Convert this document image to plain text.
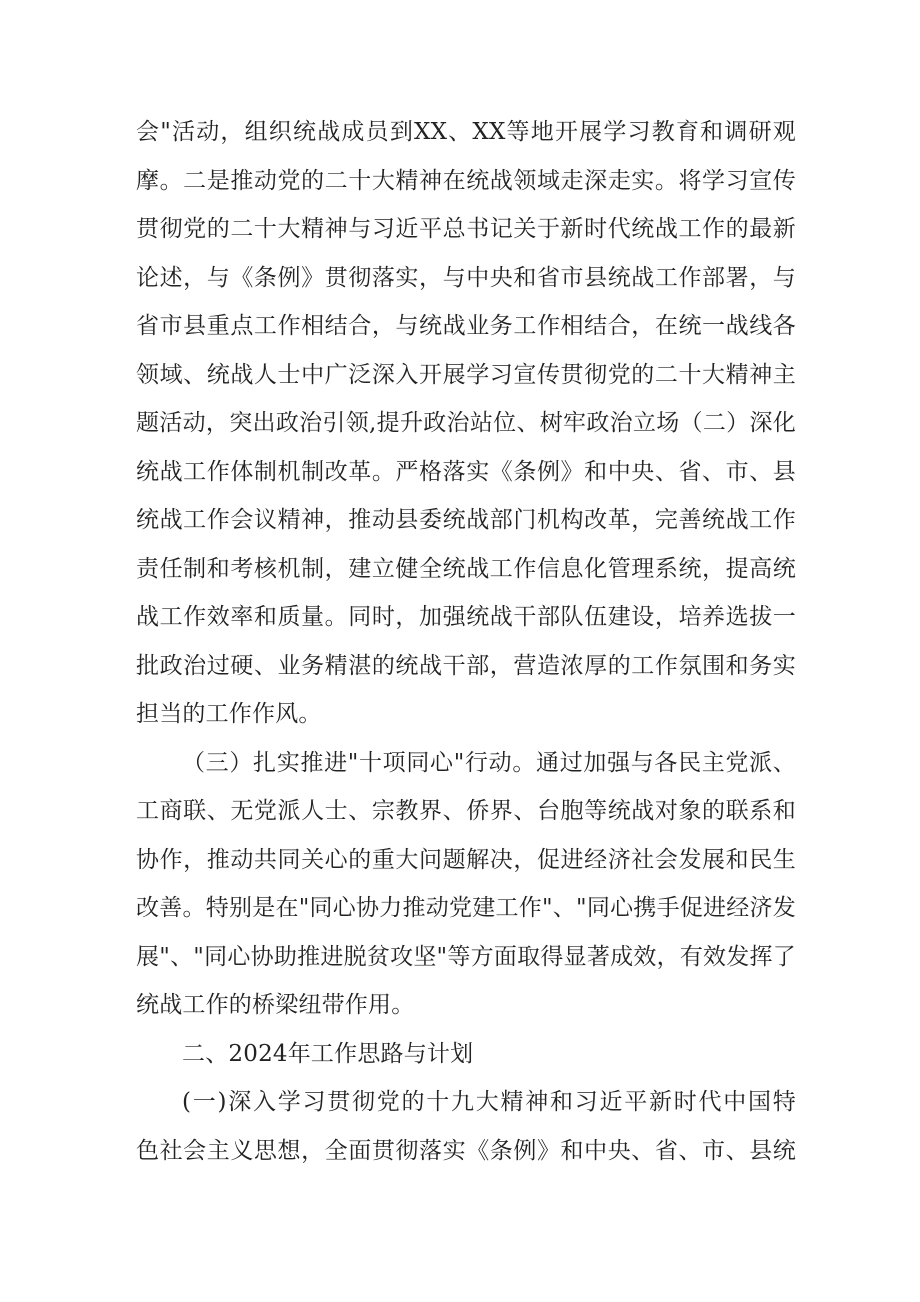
会"活动，组织统战成员到XX、XX等地开展学习教育和调研观
摩。二是推动党的二十大精神在统战领域走深走实。将学习宣传
贯彻党的二十大精神与习近平总书记关于新时代统战工作的最新
论述，与《条例》贯彻落实，与中央和省市县统战工作部署，与
省市县重点工作相结合，与统战业务工作相结合，在统一战线各
领域、统战人士中广泛深入开展学习宣传贯彻党的二十大精神主
题活动，突出政治引领,提升政治站位、树牢政治立场（二）深化
统战工作体制机制改革。严格落实《条例》和中央、省、市、县
统战工作会议精神，推动县委统战部门机构改革，完善统战工作
责任制和考核机制，建立健全统战工作信息化管理系统，提高统
战工作效率和质量。同时，加强统战干部队伍建设，培养选拔一
批政治过硬、业务精湛的统战干部，营造浓厚的工作氛围和务实
担当的工作作风。
（三）扎实推进"十项同心"行动。通过加强与各民主党派、
工商联、无党派人士、宗教界、侨界、台胞等统战对象的联系和
协作，推动共同关心的重大问题解决，促进经济社会发展和民生
改善。特别是在"同心协力推动党建工作"、"同心携手促进经济发
展"、"同心协助推进脱贫攻坚"等方面取得显著成效，有效发挥了
统战工作的桥梁纽带作用。
二、2024年工作思路与计划
(一)深入学习贯彻党的十九大精神和习近平新时代中国特
色社会主义思想，全面贯彻落实《条例》和中央、省、市、县统
